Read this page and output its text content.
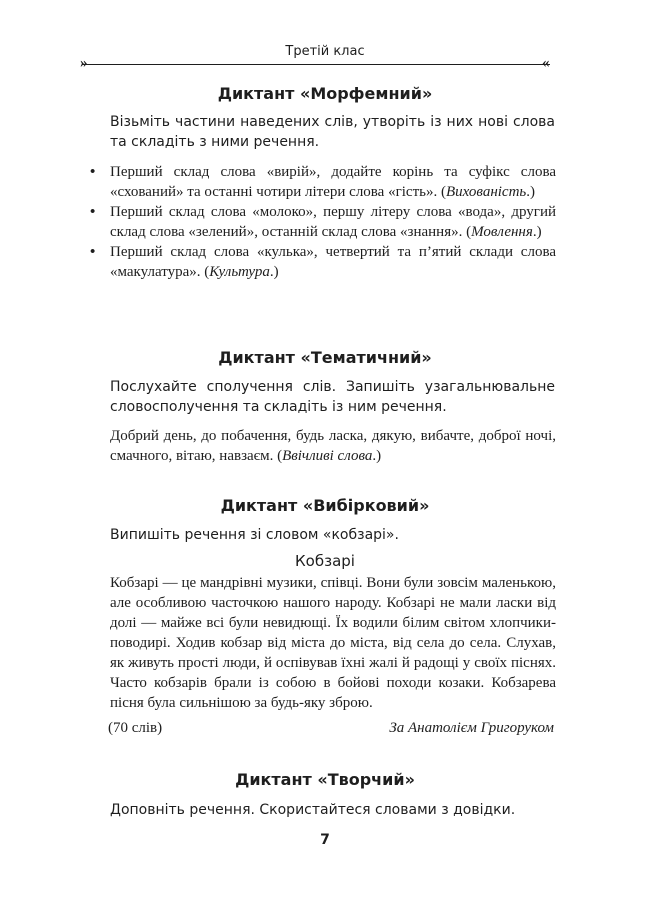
Третій клас
»	«
Диктант «Морфемний»

Візьміть частини наведених слів, утворіть із них нові слова та складіть з ними речення.

• Перший склад слова «вирій», додайте корінь та суфікс слова «схований» та останні чотири літери слова «гість». (Вихованість.)
• Перший склад слова «молоко», першу літеру слова «вода», другий склад слова «зелений», останній склад слова «знання». (Мовлення.)
• Перший склад слова «кулька», четвертий та п’ятий склади слова «макулатура». (Культура.)
Диктант «Тематичний»

Послухайте сполучення слів. Запишіть узагальнювальне словосполучення та складіть із ним речення.

Добрий день, до побачення, будь ласка, дякую, вибачте, доброї ночі, смачного, вітаю, навзаєм. (Ввічливі слова.)

Диктант «Вибірковий»

Випишіть речення зі словом «кобзарі».

Кобзарі

Кобзарі — це мандрівні музики, співці. Вони були зовсім маленькою, але особливою часточкою нашого народу. Кобзарі не мали ласки від долі — майже всі були невидющі. Їх водили білим світом хлопчики-поводирі. Ходив кобзар від міста до міста, від села до села. Слухав, як живуть прості люди, й оспівував їхні жалі й радощі у своїх піснях. Часто кобзарів брали із собою в бойові походи козаки. Кобзарева пісня була сильнішою за будь-яку зброю.

(70 слів)	За Анатолієм Григоруком
Диктант «Творчий»

Доповніть речення. Скористайтеся словами з довідки.

7
